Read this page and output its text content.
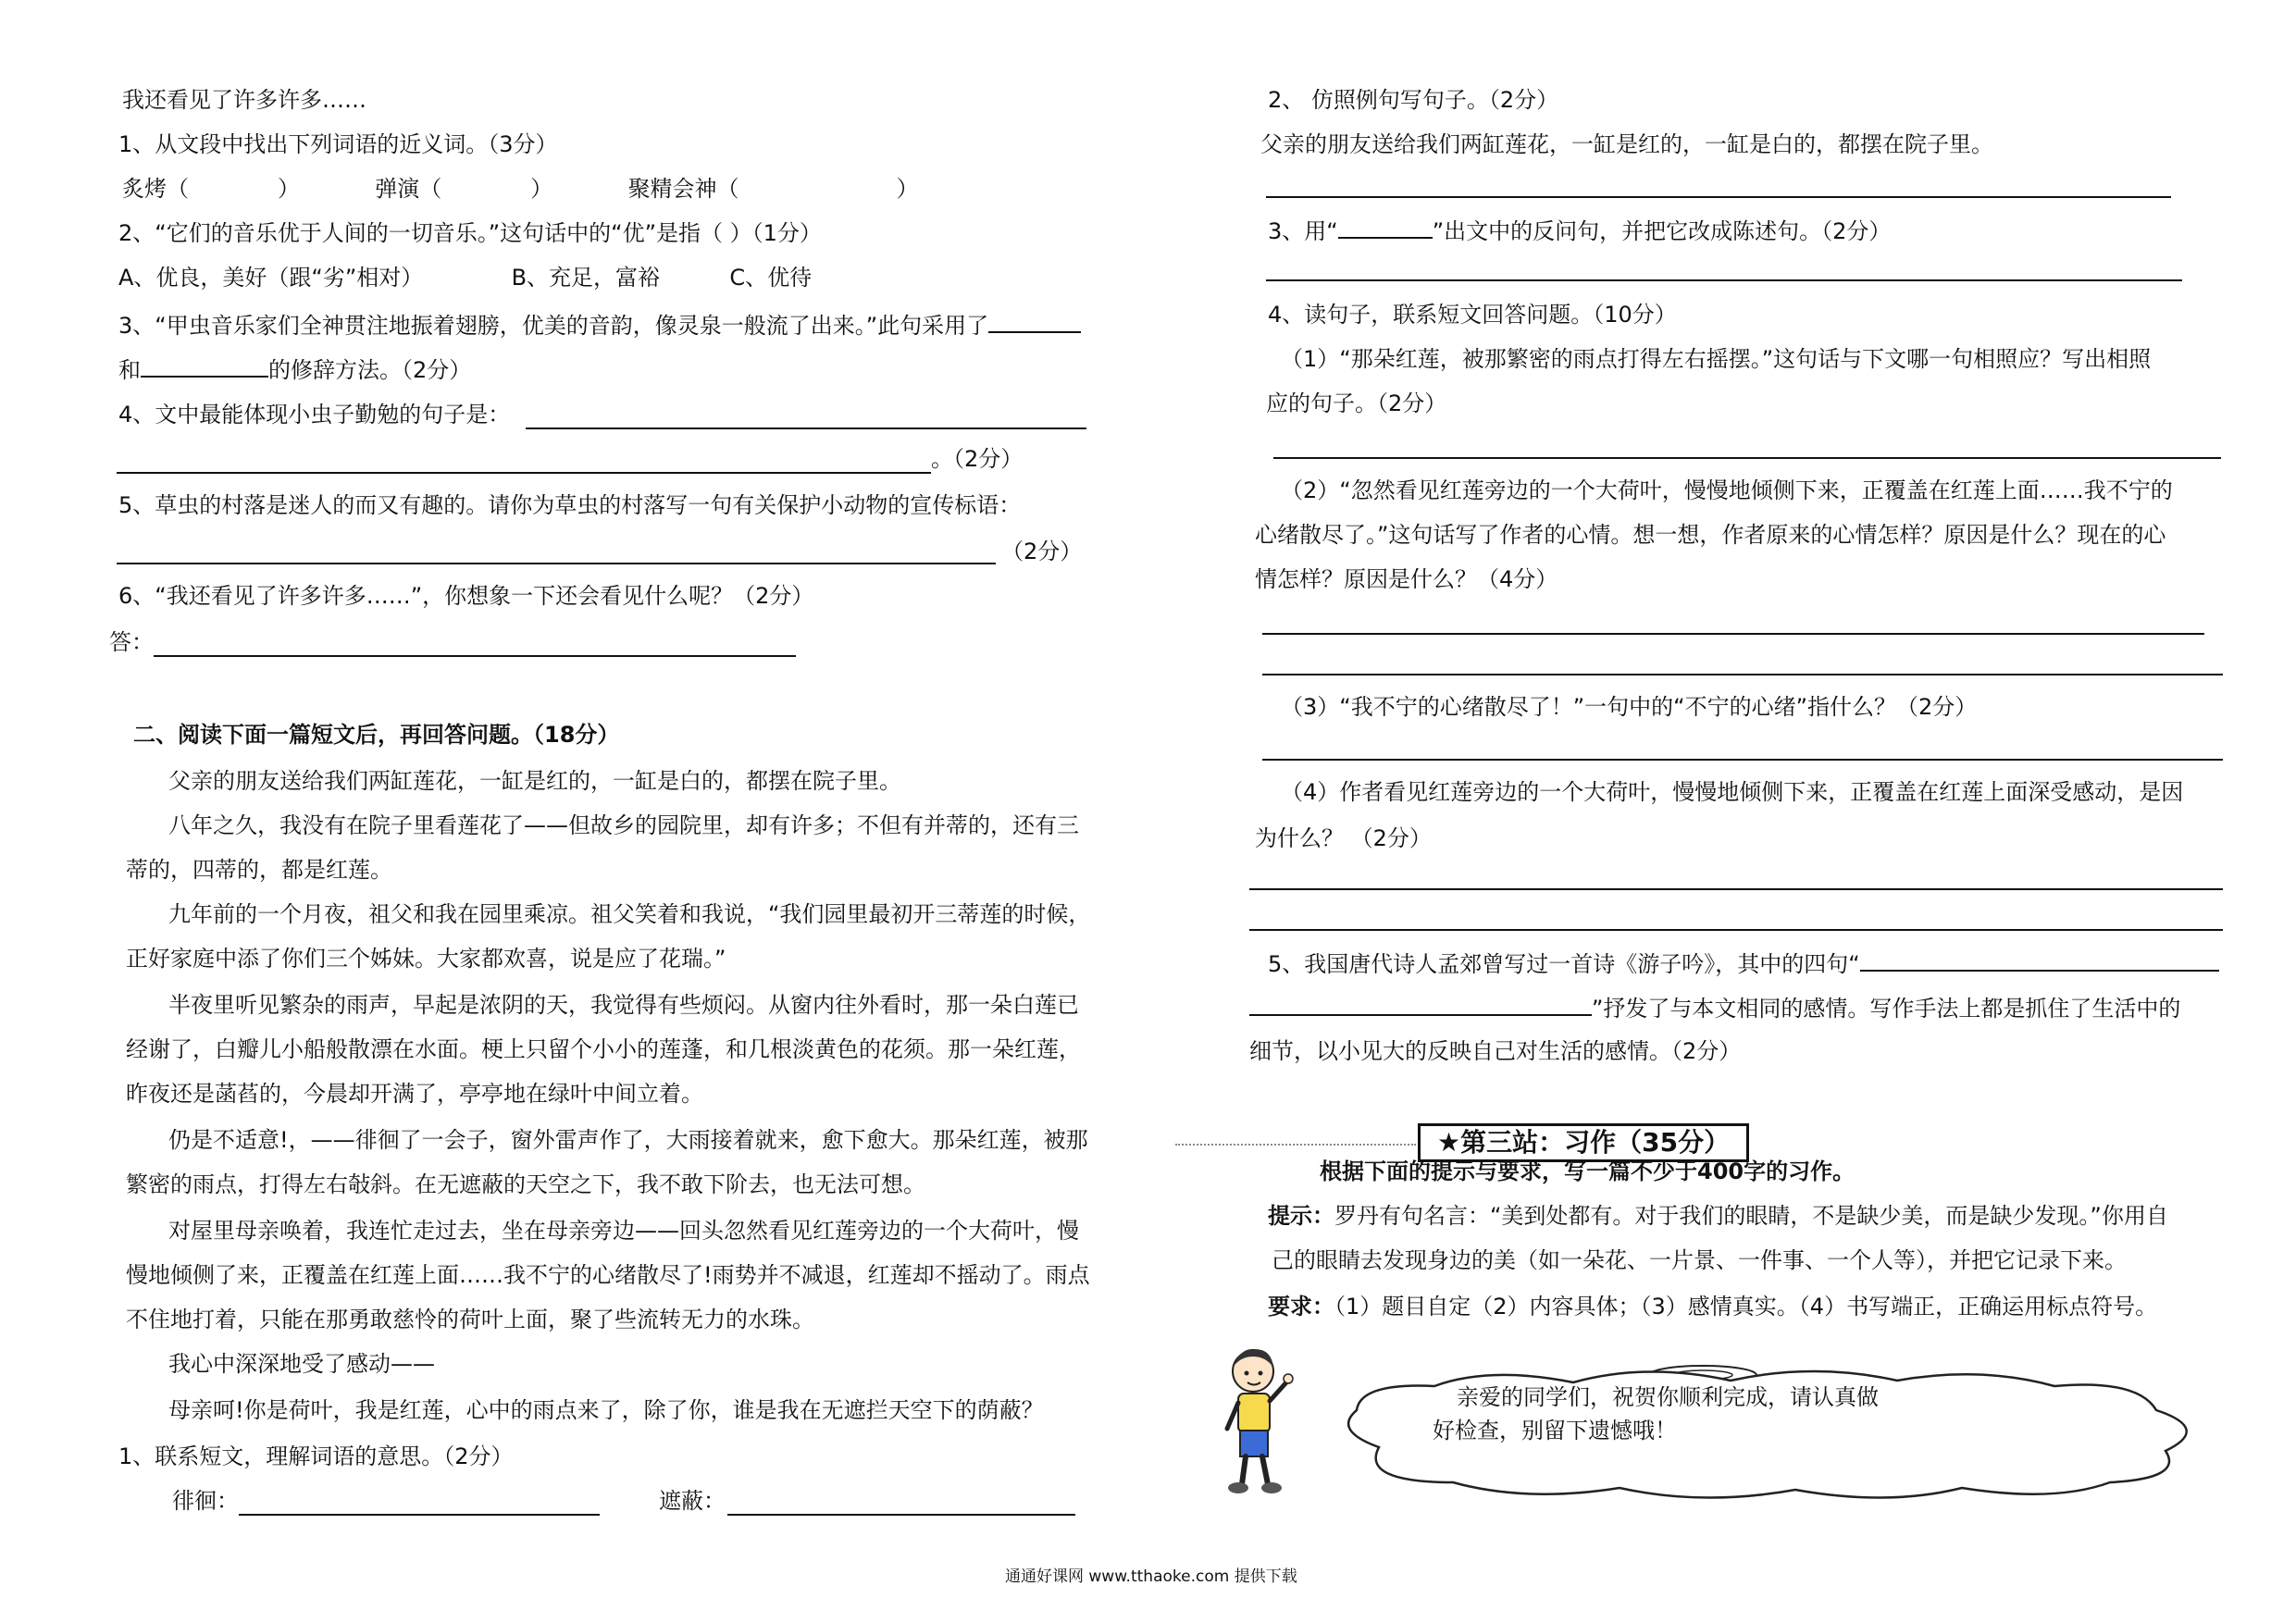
我还看见了许多许多……
1、从文段中找出下列词语的近义词。（3分）
炙烤（	）	弹演（	）	聚精会神（	）
2、“它们的音乐优于人间的一切音乐。”这句话中的“优”是指（ ）（1分）
A、优良，美好（跟“劣”相对）	B、充足，富裕	C、优待
3、“甲虫音乐家们全神贯注地振着翅膀，优美的音韵，像灵泉一般流了出来。”此句采用了
和	的修辞方法。（2分）
4、文中最能体现小虫子勤勉的句子是：
。（2分）
5、草虫的村落是迷人的而又有趣的。请你为草虫的村落写一句有关保护小动物的宣传标语：
（2分）
6、“我还看见了许多许多……”，你想象一下还会看见什么呢？（2分）
答：
二、阅读下面一篇短文后，再回答问题。（18分）
父亲的朋友送给我们两缸莲花，一缸是红的，一缸是白的，都摆在院子里。
八年之久，我没有在院子里看莲花了——但故乡的园院里，却有许多；不但有并蒂的，还有三
蒂的，四蒂的，都是红莲。
九年前的一个月夜，祖父和我在园里乘凉。祖父笑着和我说，“我们园里最初开三蒂莲的时候，
正好家庭中添了你们三个姊妹。大家都欢喜，说是应了花瑞。”
半夜里听见繁杂的雨声，早起是浓阴的天，我觉得有些烦闷。从窗内往外看时，那一朵白莲已
经谢了，白瓣儿小船般散漂在水面。梗上只留个小小的莲蓬，和几根淡黄色的花须。那一朵红莲，
昨夜还是菡萏的，今晨却开满了，亭亭地在绿叶中间立着。
仍是不适意!，——徘徊了一会子，窗外雷声作了，大雨接着就来，愈下愈大。那朵红莲，被那
繁密的雨点，打得左右敧斜。在无遮蔽的天空之下，我不敢下阶去，也无法可想。
对屋里母亲唤着，我连忙走过去，坐在母亲旁边——回头忽然看见红莲旁边的一个大荷叶，慢
慢地倾侧了来，正覆盖在红莲上面……我不宁的心绪散尽了!雨势并不减退，红莲却不摇动了。雨点
不住地打着，只能在那勇敢慈怜的荷叶上面，聚了些流转无力的水珠。
我心中深深地受了感动——
母亲呵!你是荷叶，我是红莲，心中的雨点来了，除了你，谁是我在无遮拦天空下的荫蔽？
1、联系短文，理解词语的意思。（2分）
徘徊：	遮蔽：
2、 仿照例句写句子。（2分）
父亲的朋友送给我们两缸莲花，一缸是红的，一缸是白的，都摆在院子里。
3、用“	”出文中的反问句，并把它改成陈述句。（2分）
4、读句子，联系短文回答问题。（10分）
（1）“那朵红莲，被那繁密的雨点打得左右摇摆。”这句话与下文哪一句相照应？写出相照
应的句子。（2分）
（2）“忽然看见红莲旁边的一个大荷叶，慢慢地倾侧下来，正覆盖在红莲上面……我不宁的
心绪散尽了。”这句话写了作者的心情。想一想，作者原来的心情怎样？原因是什么？现在的心
情怎样？原因是什么？（4分）
（3）“我不宁的心绪散尽了！”一句中的“不宁的心绪”指什么？（2分）
（4）作者看见红莲旁边的一个大荷叶，慢慢地倾侧下来，正覆盖在红莲上面深受感动，是因
为什么？ （2分）
5、我国唐代诗人孟郊曾写过一首诗《游子吟》，其中的四句“
”抒发了与本文相同的感情。写作手法上都是抓住了生活中的
细节，以小见大的反映自己对生活的感情。（2分）
★第三站：习作（35分）
根据下面的提示与要求，写一篇不少于400字的习作。
提示：罗丹有句名言：“美到处都有。对于我们的眼睛，不是缺少美，而是缺少发现。”你用自
己的眼睛去发现身边的美（如一朵花、一片景、一件事、一个人等），并把它记录下来。
要求：（1）题目自定（2）内容具体；（3）感情真实。（4）书写端正，正确运用标点符号。
亲爱的同学们，祝贺你顺利完成，请认真做
好检查，别留下遗憾哦！
通通好课网 www.tthaoke.com 提供下载
